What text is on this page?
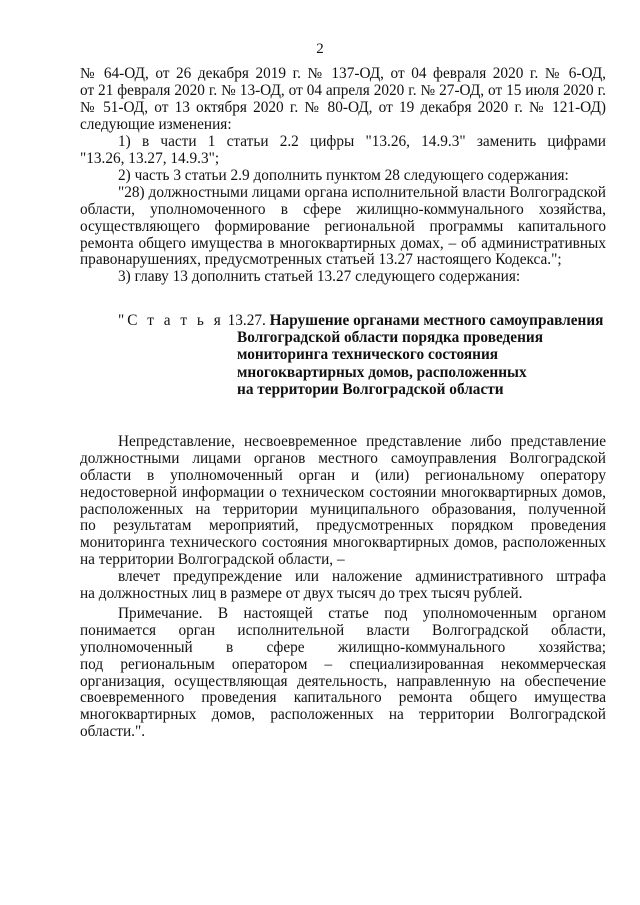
2
№ 64-ОД, от 26 декабря 2019 г. № 137-ОД, от 04 февраля 2020 г. № 6-ОД,
от 21 февраля 2020 г. № 13-ОД, от 04 апреля 2020 г. № 27-ОД, от 15 июля 2020 г.
№ 51-ОД, от 13 октября 2020 г. № 80-ОД, от 19 декабря 2020 г. № 121-ОД)
следующие изменения:
1) в части 1 статьи 2.2 цифры "13.26, 14.9.3" заменить цифрами
"13.26, 13.27, 14.9.3";
2) часть 3 статьи 2.9 дополнить пунктом 28 следующего содержания:
"28) должностными лицами органа исполнительной власти Волгоградской
области, уполномоченного в сфере жилищно-коммунального хозяйства,
осуществляющего формирование региональной программы капитального
ремонта общего имущества в многоквартирных домах, – об административных
правонарушениях, предусмотренных статьей 13.27 настоящего Кодекса.";
3) главу 13 дополнить статьей 13.27 следующего содержания:
"С т а т ь я 13.27. Нарушение органами местного самоуправления
Волгоградской области порядка проведения
мониторинга технического состояния
многоквартирных домов, расположенных
на территории Волгоградской области
Непредставление, несвоевременное представление либо представление
должностными лицами органов местного самоуправления Волгоградской
области в уполномоченный орган и (или) региональному оператору
недостоверной информации о техническом состоянии многоквартирных домов,
расположенных на территории муниципального образования, полученной
по результатам мероприятий, предусмотренных порядком проведения
мониторинга технического состояния многоквартирных домов, расположенных
на территории Волгоградской области, –
влечет предупреждение или наложение административного штрафа
на должностных лиц в размере от двух тысяч до трех тысяч рублей.
Примечание. В настоящей статье под уполномоченным органом
понимается орган исполнительной власти Волгоградской области,
уполномоченный в сфере жилищно-коммунального хозяйства;
под региональным оператором – специализированная некоммерческая
организация, осуществляющая деятельность, направленную на обеспечение
своевременного проведения капитального ремонта общего имущества
многоквартирных домов, расположенных на территории Волгоградской
области.".
